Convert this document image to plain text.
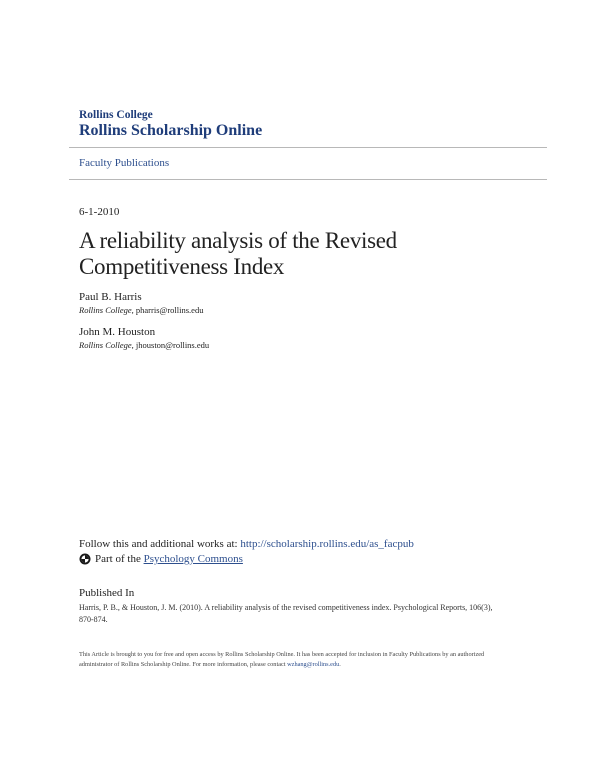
Rollins College
Rollins Scholarship Online
Faculty Publications
6-1-2010
A reliability analysis of the Revised Competitiveness Index
Paul B. Harris
Rollins College, pharris@rollins.edu
John M. Houston
Rollins College, jhouston@rollins.edu
Follow this and additional works at: http://scholarship.rollins.edu/as_facpub
Part of the Psychology Commons
Published In
Harris, P. B., & Houston, J. M. (2010). A reliability analysis of the revised competitiveness index. Psychological Reports, 106(3), 870-874.
This Article is brought to you for free and open access by Rollins Scholarship Online. It has been accepted for inclusion in Faculty Publications by an authorized administrator of Rollins Scholarship Online. For more information, please contact wzhang@rollins.edu.
